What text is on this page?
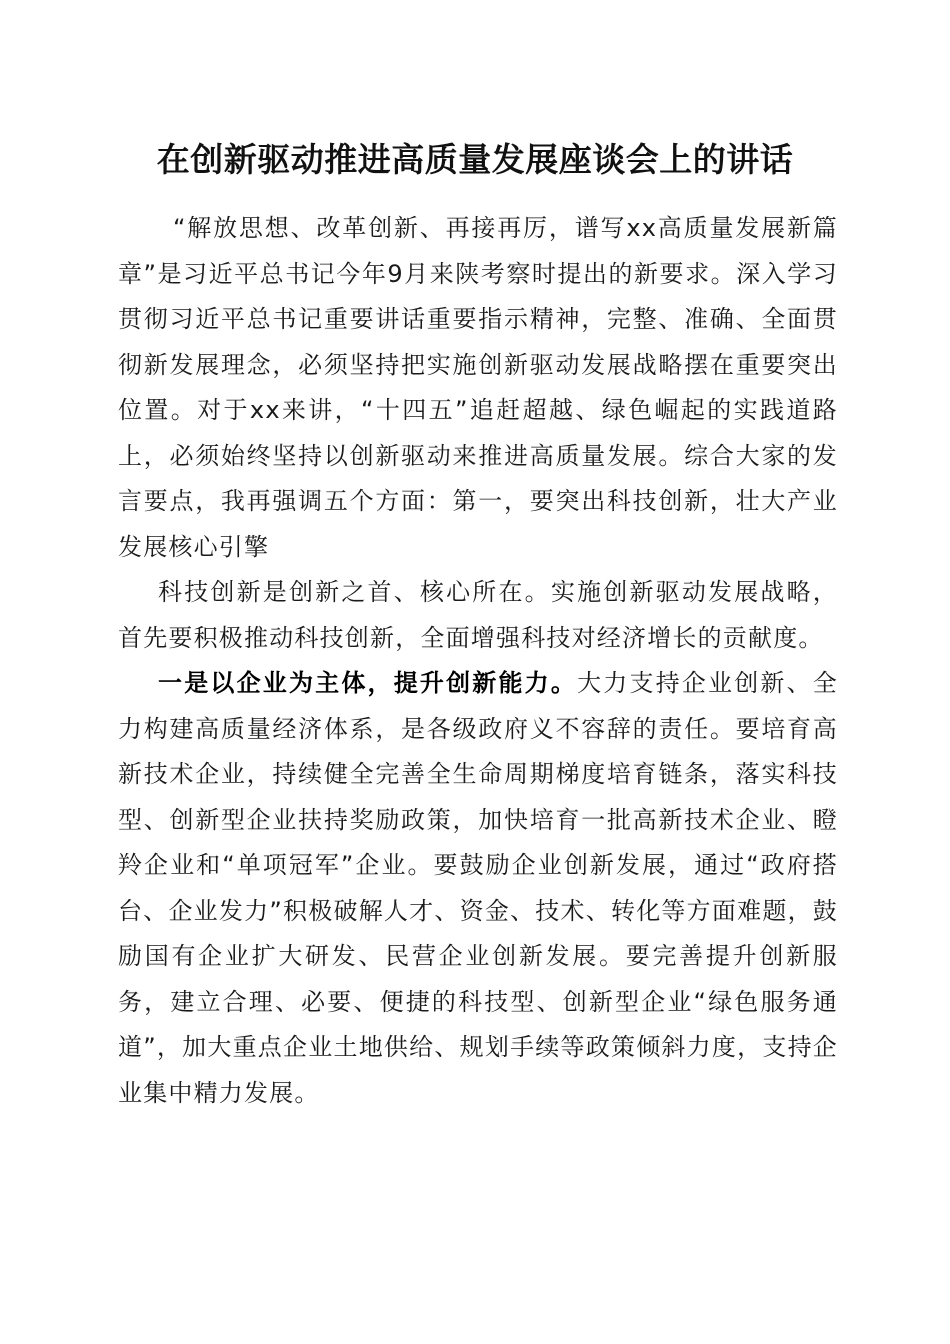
在创新驱动推进高质量发展座谈会上的讲话

“解放思想、改革创新、再接再厉，谱写xx高质量发展新篇章”是习近平总书记今年9月来陕考察时提出的新要求。深入学习贯彻习近平总书记重要讲话重要指示精神，完整、准确、全面贯彻新发展理念，必须坚持把实施创新驱动发展战略摆在重要突出位置。对于xx来讲，“十四五”追赶超越、绿色崛起的实践道路上，必须始终坚持以创新驱动来推进高质量发展。综合大家的发言要点，我再强调五个方面：第一，要突出科技创新，壮大产业发展核心引擎

科技创新是创新之首、核心所在。实施创新驱动发展战略，首先要积极推动科技创新，全面增强科技对经济增长的贡献度。

一是以企业为主体，提升创新能力。大力支持企业创新、全力构建高质量经济体系，是各级政府义不容辞的责任。要培育高新技术企业，持续健全完善全生命周期梯度培育链条，落实科技型、创新型企业扶持奖励政策，加快培育一批高新技术企业、瞪羚企业和“单项冠军”企业。要鼓励企业创新发展，通过“政府搭台、企业发力”积极破解人才、资金、技术、转化等方面难题，鼓励国有企业扩大研发、民营企业创新发展。要完善提升创新服务，建立合理、必要、便捷的科技型、创新型企业“绿色服务通道”，加大重点企业土地供给、规划手续等政策倾斜力度，支持企业集中精力发展。
